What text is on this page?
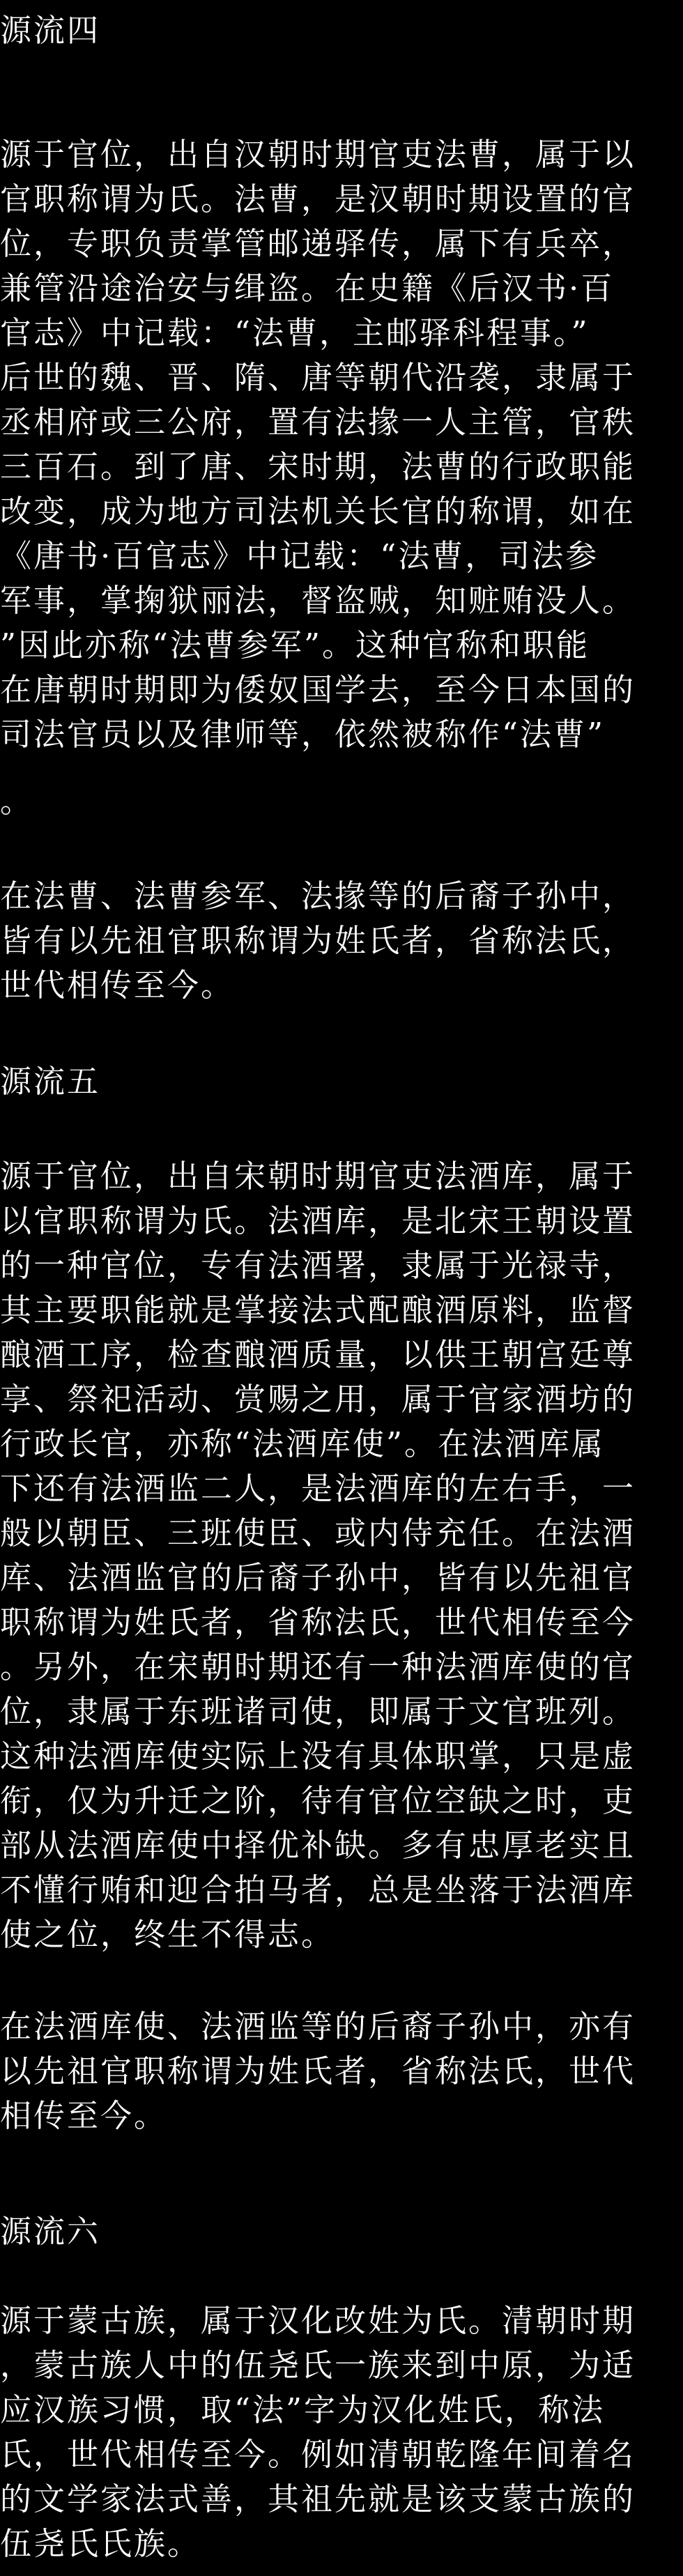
源流四
源于官位，出自汉朝时期官吏法曹，属于以
官职称谓为氏。法曹，是汉朝时期设置的官
位，专职负责掌管邮递驿传，属下有兵卒，
兼管沿途治安与缉盗。在史籍《后汉书·百
官志》中记载：“法曹，主邮驿科程事。”
后世的魏、晋、隋、唐等朝代沿袭，隶属于
丞相府或三公府，置有法掾一人主管，官秩
三百石。到了唐、宋时期，法曹的行政职能
改变，成为地方司法机关长官的称谓，如在
《唐书·百官志》中记载：“法曹，司法参
军事，掌掬狱丽法，督盗贼，知赃贿没人。
”因此亦称“法曹参军”。这种官称和职能
在唐朝时期即为倭奴国学去，至今日本国的
司法官员以及律师等，依然被称作“法曹”
。
在法曹、法曹参军、法掾等的后裔子孙中，
皆有以先祖官职称谓为姓氏者，省称法氏，
世代相传至今。
源流五
源于官位，出自宋朝时期官吏法酒库，属于
以官职称谓为氏。法酒库，是北宋王朝设置
的一种官位，专有法酒署，隶属于光禄寺，
其主要职能就是掌接法式配酿酒原料，监督
酿酒工序，检查酿酒质量，以供王朝宫廷尊
享、祭祀活动、赏赐之用，属于官家酒坊的
行政长官，亦称“法酒库使”。在法酒库属
下还有法酒监二人，是法酒库的左右手，一
般以朝臣、三班使臣、或内侍充任。在法酒
库、法酒监官的后裔子孙中，皆有以先祖官
职称谓为姓氏者，省称法氏，世代相传至今
。另外，在宋朝时期还有一种法酒库使的官
位，隶属于东班诸司使，即属于文官班列。
这种法酒库使实际上没有具体职掌，只是虚
衔，仅为升迁之阶，待有官位空缺之时，吏
部从法酒库使中择优补缺。多有忠厚老实且
不懂行贿和迎合拍马者，总是坐落于法酒库
使之位，终生不得志。
在法酒库使、法酒监等的后裔子孙中，亦有
以先祖官职称谓为姓氏者，省称法氏，世代
相传至今。
源流六
源于蒙古族，属于汉化改姓为氏。清朝时期
，蒙古族人中的伍尧氏一族来到中原，为适
应汉族习惯，取“法”字为汉化姓氏，称法
氏，世代相传至今。例如清朝乾隆年间着名
的文学家法式善，其祖先就是该支蒙古族的
伍尧氏氏族。
